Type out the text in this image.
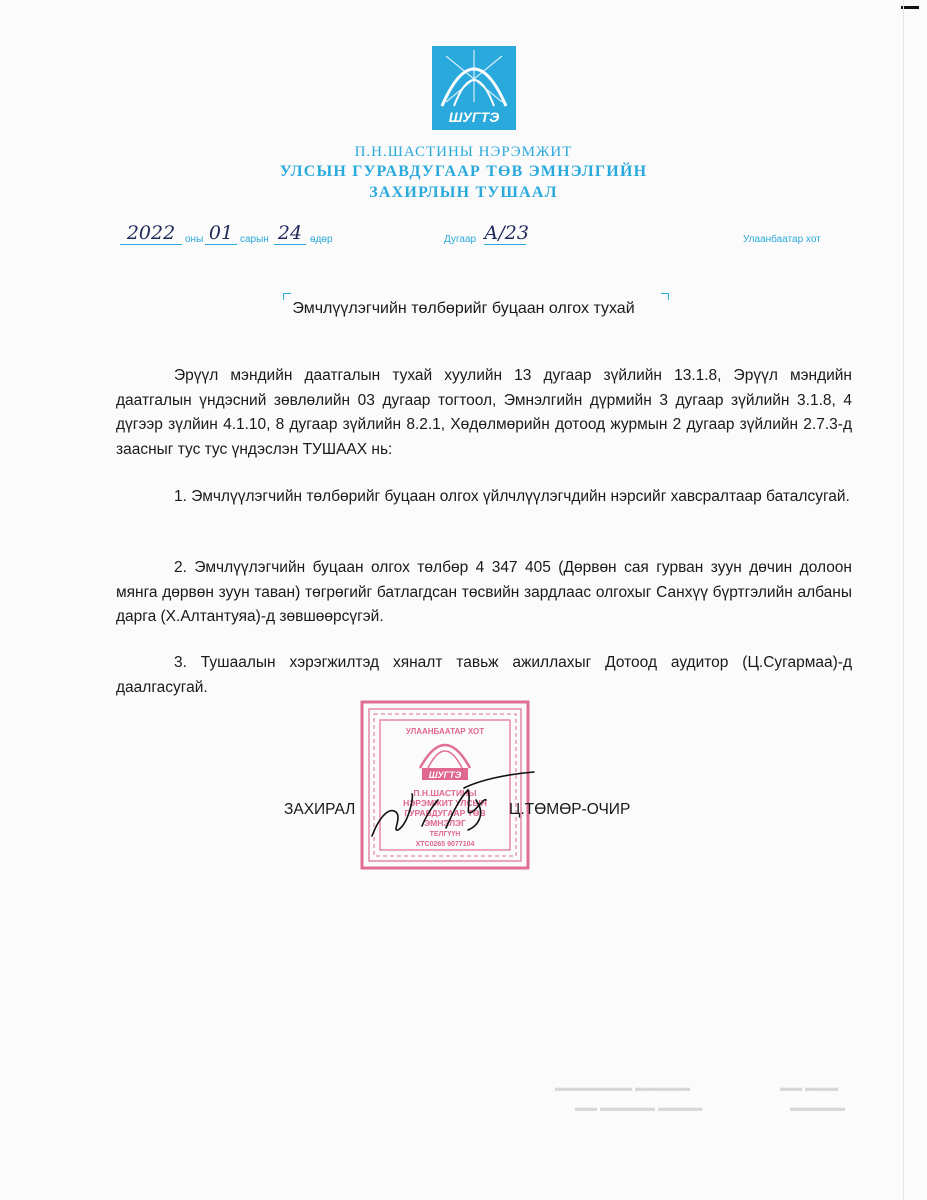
ШУГТЭ
П.Н.ШАСТИНЫ НЭРЭМЖИТ
УЛСЫН ГУРАВДУГААР ТӨВ ЭМНЭЛГИЙН
ЗАХИРЛЫН ТУШААЛ
2022 оны 01 сарын 24 өдөр	Дугаар А/23	Улаанбаатар хот
Эмчлүүлэгчийн төлбөрийг буцаан олгох тухай

Эрүүл мэндийн даатгалын тухай хуулийн 13 дугаар зүйлийн 13.1.8, Эрүүл мэндийн даатгалын үндэсний зөвлөлийн 03 дугаар тогтоол, Эмнэлгийн дүрмийн 3 дугаар зүйлийн 3.1.8, 4 дүгээр зүлйин 4.1.10, 8 дугаар зүйлийн 8.2.1, Хөдөлмөрийн дотоод журмын 2 дугаар зүйлийн 2.7.3-д заасныг тус тус үндэслэн ТУШААХ нь:

1. Эмчлүүлэгчийн төлбөрийг буцаан олгох үйлчлүүлэгчдийн нэрсийг хавсралтаар баталсугай.

2. Эмчлүүлэгчийн буцаан олгох төлбөр 4 347 405 (Дөрвөн сая гурван зуун дөчин долоон мянга дөрвөн зуун таван) төгрөгийг батлагдсан төсвийн зардлаас олгохыг Санхүү бүртгэлийн албаны дарга (Х.Алтантуяа)-д зөвшөөрсүгэй.

3. Тушаалын хэрэгжилтэд хяналт тавьж ажиллахыг Дотоод аудитор (Ц.Сугармаа)-д даалгасугай.

УЛААНБААТАР ХОТ
ШУГТЭ
П.Н.ШАСТИНЫ
НЭРЭМЖИТ УЛСЫН
ГУРАВДУГААР ТӨВ
ЭМНЭЛЭГ
ТЕЛГҮҮН
ХТС0265 9077104
ЗАХИРАЛ	Ц.ТӨМӨР-ОЧИР
▬▬▬▬▬ ▬▬▬▬▬▬▬
▬▬▬▬ ▬▬▬▬▬ ▬▬
▬▬▬ ▬▬
▬▬▬▬▬
